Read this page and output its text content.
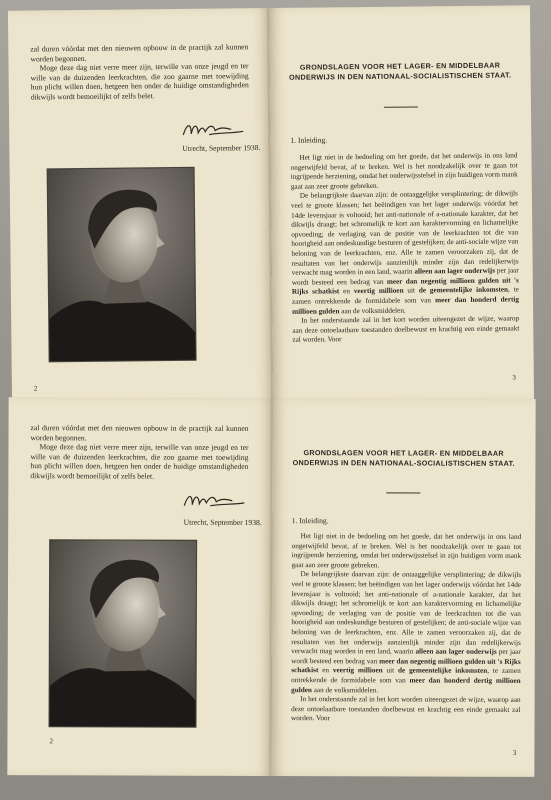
zal duren vóórdat met den nieuwen opbouw in de practijk zal kunnen worden begonnen.

Moge deze dag niet verre meer zijn, terwille van onze jeugd en ter wille van de duizenden leerkrachten, die zoo gaarne met toewijding hun plicht willen doen, hetgeen hen onder de huidige omstandigheden dikwijls wordt bemoeilijkt of zelfs belet.

Utrecht, September 1938.

2

GRONDSLAGEN VOOR HET LAGER- EN MIDDELBAAR ONDERWIJS IN DEN NATIONAAL-SOCIALISTISCHEN STAAT.

1. Inleiding.

Het ligt niet in de bedoeling om het goede, dat het onderwijs in ons land ongetwijfeld bevat, af te breken. Wel is het noodzakelijk over te gaan tot ingrijpende herziening, omdat het onderwijsstelsel in zijn huidigen vorm mank gaat aan zeer groote gebreken.

De belangrijkste daarvan zijn: de ontaaggelijke versplintering; de dikwijls veel te groote klassen; het beëindigen van het lager onderwijs vóórdat het 14de levensjaar is voltooid; het anti-nationale of a-nationale karakter, dat het dikwijls draagt; het schromelijk te kort aan karaktervorming en lichamelijke opvoeding; de verlaging van de positie van de leerkrachten tot die van hoorigheid aan ondeskundige besturen of gestelijken; de anti-sociale wijze van beloning van de leerkrachten, enz. Alle te zamen veroorzaken zij, dat de resultaten van het onderwijs aanzienlijk minder zijn dan redelijkerwijs verwacht mag worden in een land, waarin alleen aan lager onderwijs per jaar wordt besteed een bedrag van meer dan negentig millioen gulden uit 's Rijks schatkist en veertig millioen uit de gemeentelijke inkomsten, te zamen ontrekkende de formidabele som van meer dan honderd dertig millioen gulden aan de volksmiddelen.

In het onderstaande zal in het kort worden uiteengezet de wijze, waarop aan deze ontoelaatbare toestanden doelbewust en krachtig een einde gemaakt zal worden. Voor

3

zal duren vóórdat met den nieuwen opbouw in de practijk zal kunnen worden begonnen.

Moge deze dag niet verre meer zijn, terwille van onze jeugd en ter wille van de duizenden leerkrachten, die zoo gaarne met toewijding hun plicht willen doen, hetgeen hen onder de huidige omstandigheden dikwijls wordt bemoeilijkt of zelfs belet.

Utrecht, September 1938.

2

GRONDSLAGEN VOOR HET LAGER- EN MIDDELBAAR ONDERWIJS IN DEN NATIONAAL-SOCIALISTISCHEN STAAT.

1. Inleiding.

Het ligt niet in de bedoeling om het goede, dat het onderwijs in ons land ongetwijfeld bevat, af te breken. Wel is het noodzakelijk over te gaan tot ingrijpende herziening, omdat het onderwijsstelsel in zijn huidigen vorm mank gaat aan zeer groote gebreken.

De belangrijkste daarvan zijn: de ontaaggelijke versplintering; de dikwijls veel te groote klassen; het beëindigen van het lager onderwijs vóórdat het 14de levensjaar is voltooid; het anti-nationale of a-nationale karakter, dat het dikwijls draagt; het schromelijk te kort aan karaktervorming en lichamelijke opvoeding; de verlaging van de positie van de leerkrachten tot die van hoorigheid aan ondeskundige besturen of gestelijken; de anti-sociale wijze van beloning van de leerkrachten, enz. Alle te zamen veroorzaken zij, dat de resultaten van het onderwijs aanzienlijk minder zijn dan redelijkerwijs verwacht mag worden in een land, waarin alleen aan lager onderwijs per jaar wordt besteed een bedrag van meer dan negentig millioen gulden uit 's Rijks schatkist en veertig millioen uit de gemeentelijke inkomsten, te zamen ontrekkende de formidabele som van meer dan honderd dertig millioen gulden aan de volksmiddelen.

In het onderstaande zal in het kort worden uiteengezet de wijze, waarop aan deze ontoelaatbare toestanden doelbewust en krachtig een einde gemaakt zal worden. Voor

3
